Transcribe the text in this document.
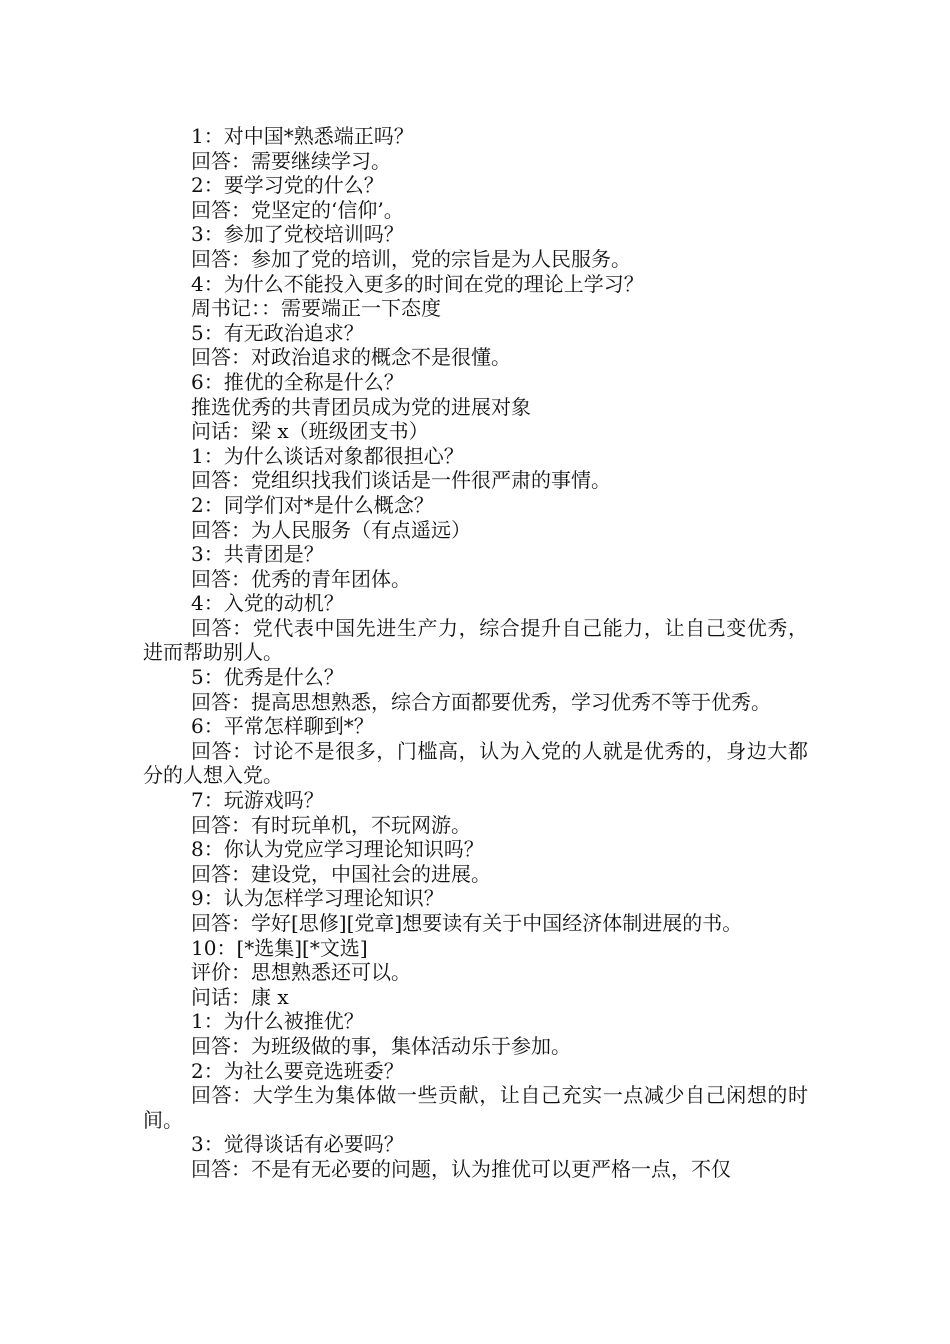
1：对中国*熟悉端正吗？

回答：需要继续学习。

2：要学习党的什么？

回答：党坚定的‘信仰’。

3：参加了党校培训吗？

回答：参加了党的培训，党的宗旨是为人民服务。

4：为什么不能投入更多的时间在党的理论上学习？

周书记：：需要端正一下态度

5：有无政治追求？

回答：对政治追求的概念不是很懂。

6：推优的全称是什么？

推选优秀的共青团员成为党的进展对象

问话：梁 x（班级团支书）

1：为什么谈话对象都很担心？

回答：党组织找我们谈话是一件很严肃的事情。

2：同学们对*是什么概念？

回答：为人民服务（有点遥远）

3：共青团是？

回答：优秀的青年团体。

4：入党的动机？

回答：党代表中国先进生产力，综合提升自己能力，让自己变优秀，进而帮助别人。

5：优秀是什么？

回答：提高思想熟悉，综合方面都要优秀，学习优秀不等于优秀。

6：平常怎样聊到*？

回答：讨论不是很多，门槛高，认为入党的人就是优秀的，身边大都分的人想入党。

7：玩游戏吗？

回答：有时玩单机，不玩网游。

8：你认为党应学习理论知识吗？

回答：建设党，中国社会的进展。

9：认为怎样学习理论知识？

回答：学好[思修][党章]想要读有关于中国经济体制进展的书。

10：[*选集][*文选]

评价：思想熟悉还可以。

问话：康 x

1：为什么被推优？

回答：为班级做的事，集体活动乐于参加。

2：为社么要竞选班委？

回答：大学生为集体做一些贡献，让自己充实一点减少自己闲想的时间。

3：觉得谈话有必要吗？

回答：不是有无必要的问题，认为推优可以更严格一点，不仅
